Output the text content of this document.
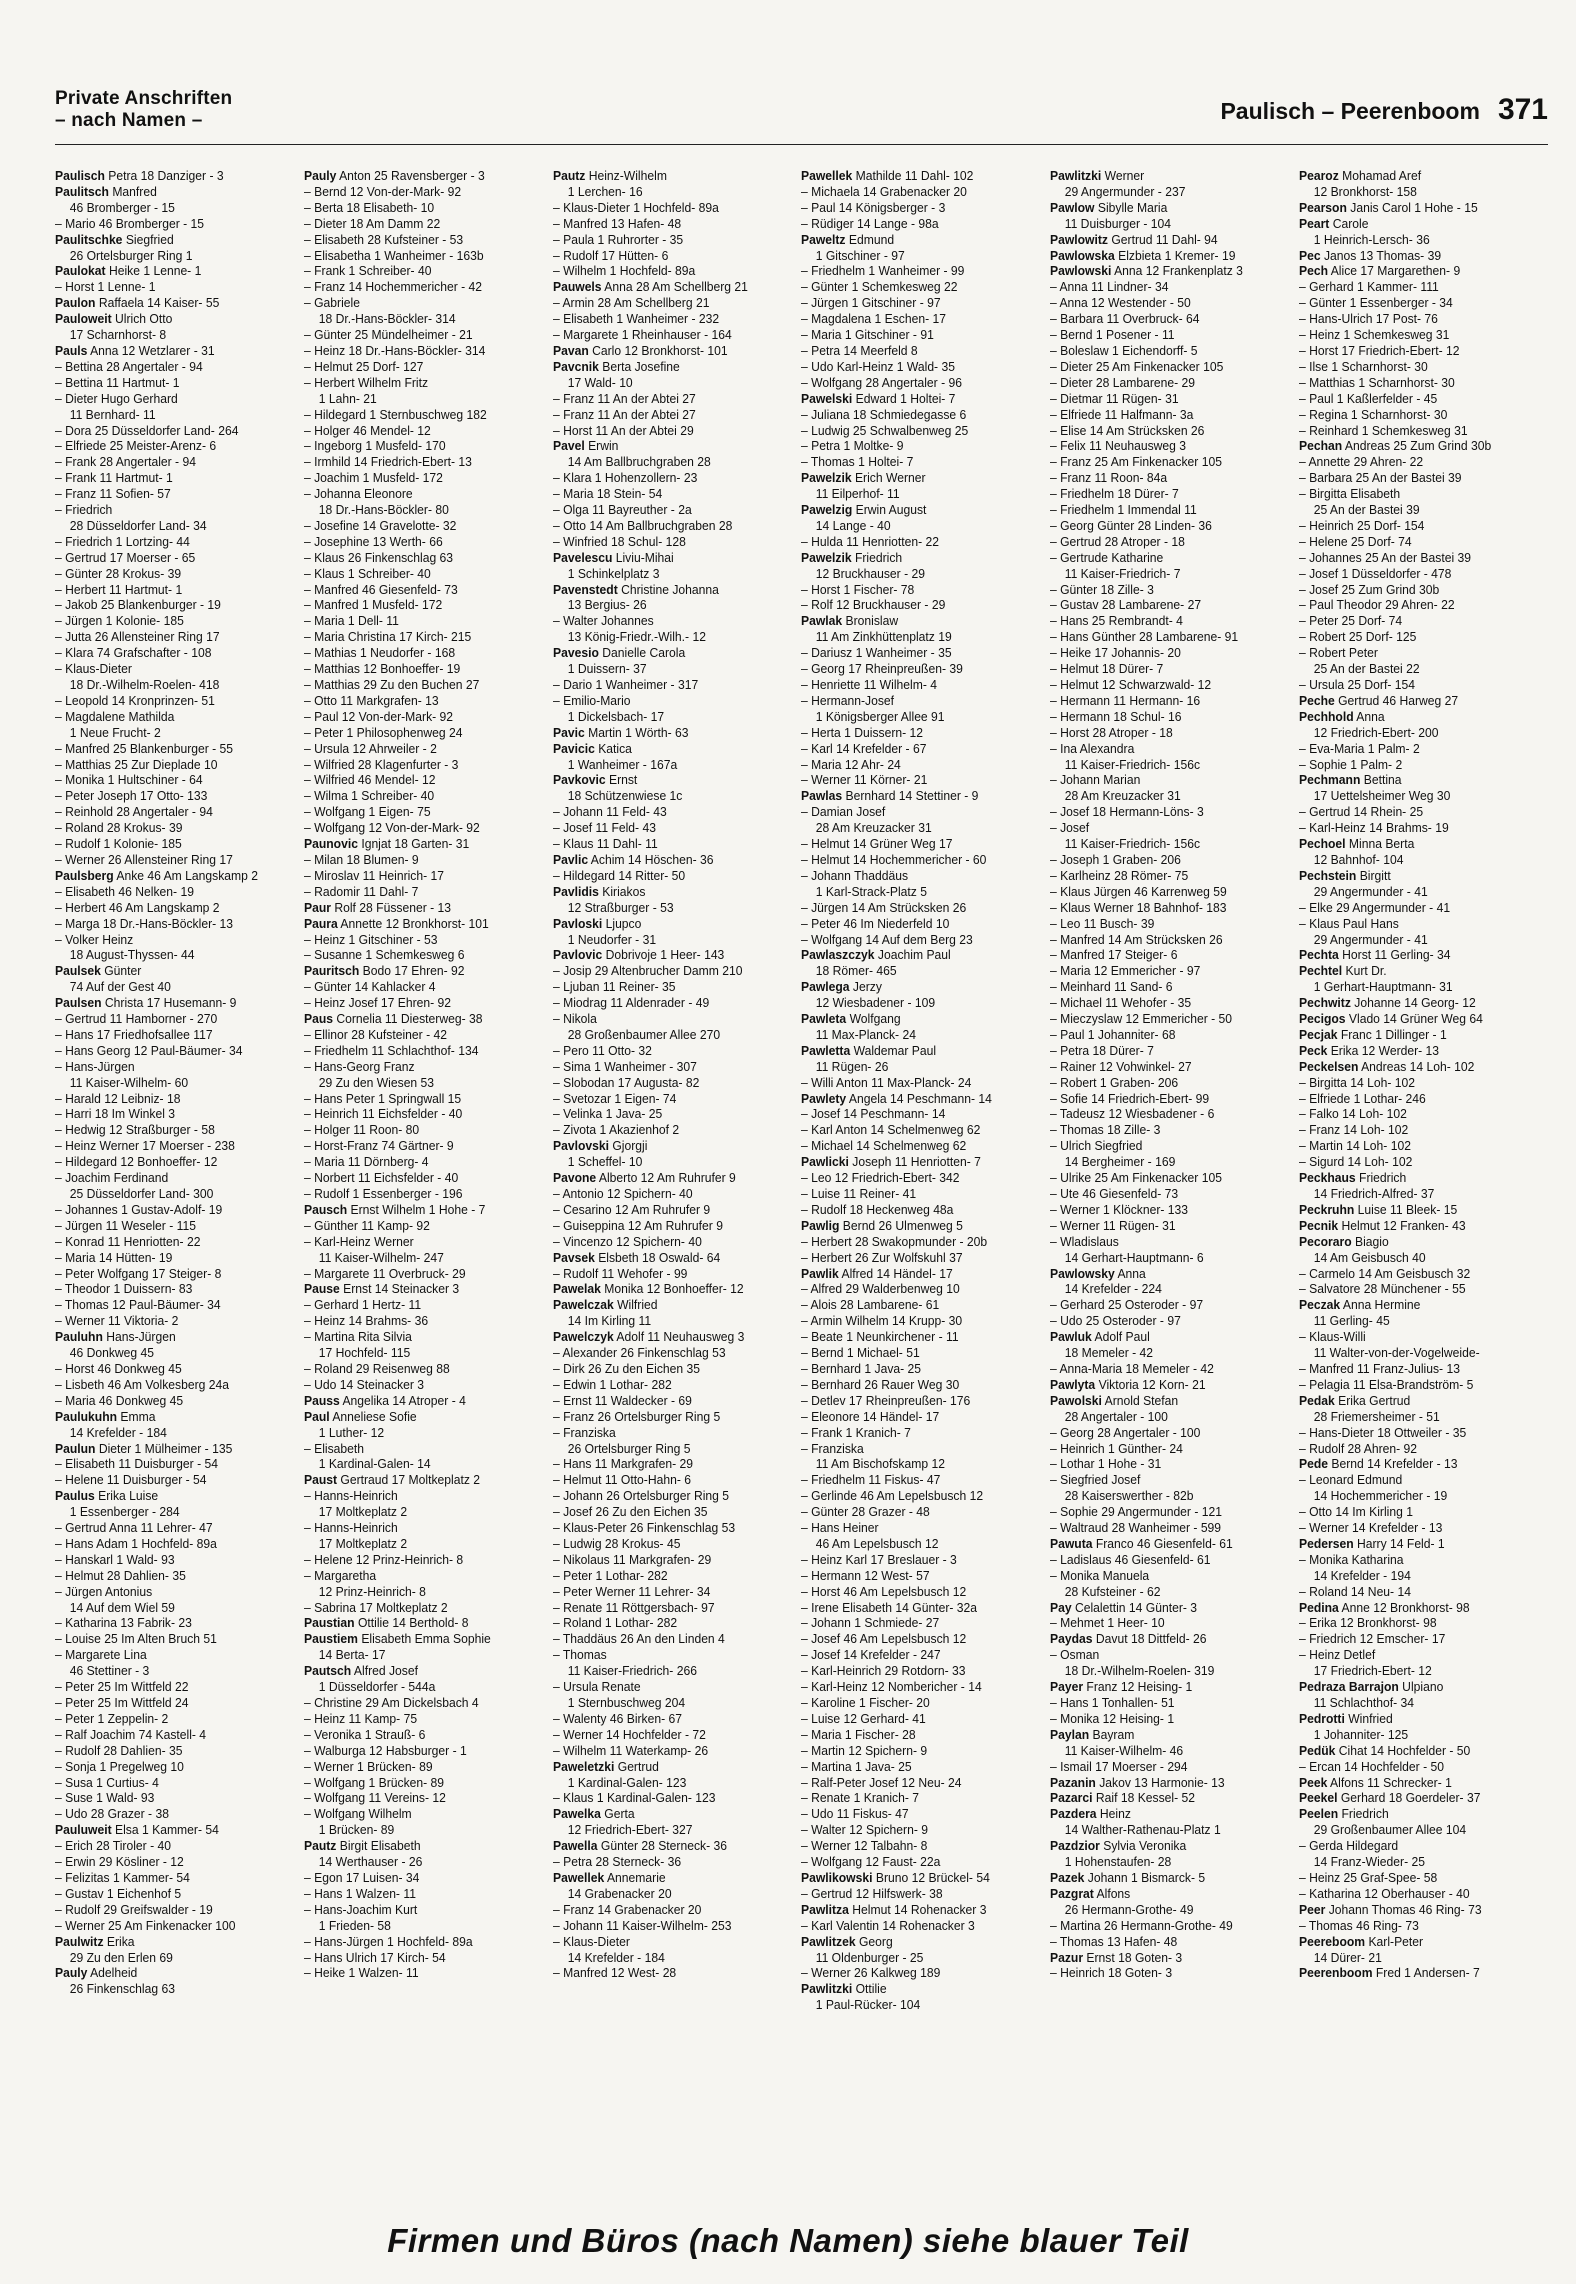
Private Anschriften
– nach Namen –	Paulisch – Peerenboom 371

Paulisch Petra 18 Danziger - 3

Paulitsch Manfred

46 Bromberger - 15

– Mario 46 Bromberger - 15

Paulitschke Siegfried

26 Ortelsburger Ring 1

Paulokat Heike 1 Lenne- 1

– Horst 1 Lenne- 1

Paulon Raffaela 14 Kaiser- 55

Pauloweit Ulrich Otto

17 Scharnhorst- 8

Pauls Anna 12 Wetzlarer - 31

– Bettina 28 Angertaler - 94

– Bettina 11 Hartmut- 1

– Dieter Hugo Gerhard

11 Bernhard- 11

– Dora 25 Düsseldorfer Land- 264

– Elfriede 25 Meister-Arenz- 6

– Frank 28 Angertaler - 94

– Frank 11 Hartmut- 1

– Franz 11 Sofien- 57

– Friedrich

28 Düsseldorfer Land- 34

– Friedrich 1 Lortzing- 44

– Gertrud 17 Moerser - 65

– Günter 28 Krokus- 39

– Herbert 11 Hartmut- 1

– Jakob 25 Blankenburger - 19

– Jürgen 1 Kolonie- 185

– Jutta 26 Allensteiner Ring 17

– Klara 74 Grafschafter - 108

– Klaus-Dieter

18 Dr.-Wilhelm-Roelen- 418

– Leopold 14 Kronprinzen- 51

– Magdalene Mathilda

1 Neue Frucht- 2

– Manfred 25 Blankenburger - 55

– Matthias 25 Zur Dieplade 10

– Monika 1 Hultschiner - 64

– Peter Joseph 17 Otto- 133

– Reinhold 28 Angertaler - 94

– Roland 28 Krokus- 39

– Rudolf 1 Kolonie- 185

– Werner 26 Allensteiner Ring 17

Paulsberg Anke 46 Am Langskamp 2

– Elisabeth 46 Nelken- 19

– Herbert 46 Am Langskamp 2

– Marga 18 Dr.-Hans-Böckler- 13

– Volker Heinz

18 August-Thyssen- 44

Paulsek Günter

74 Auf der Gest 40

Paulsen Christa 17 Husemann- 9

– Gertrud 11 Hamborner - 270

– Hans 17 Friedhofsallee 117

– Hans Georg 12 Paul-Bäumer- 34

– Hans-Jürgen

11 Kaiser-Wilhelm- 60

– Harald 12 Leibniz- 18

– Harri 18 Im Winkel 3

– Hedwig 12 Straßburger - 58

– Heinz Werner 17 Moerser - 238

– Hildegard 12 Bonhoeffer- 12

– Joachim Ferdinand

25 Düsseldorfer Land- 300

– Johannes 1 Gustav-Adolf- 19

– Jürgen 11 Weseler - 115

– Konrad 11 Henriotten- 22

– Maria 14 Hütten- 19

– Peter Wolfgang 17 Steiger- 8

– Theodor 1 Duissern- 83

– Thomas 12 Paul-Bäumer- 34

– Werner 11 Viktoria- 2

Pauluhn Hans-Jürgen

46 Donkweg 45

– Horst 46 Donkweg 45

– Lisbeth 46 Am Volkesberg 24a

– Maria 46 Donkweg 45

Paulukuhn Emma

14 Krefelder - 184

Paulun Dieter 1 Mülheimer - 135

– Elisabeth 11 Duisburger - 54

– Helene 11 Duisburger - 54

Paulus Erika Luise

1 Essenberger - 284

– Gertrud Anna 11 Lehrer- 47

– Hans Adam 1 Hochfeld- 89a

– Hanskarl 1 Wald- 93

– Helmut 28 Dahlien- 35

– Jürgen Antonius

14 Auf dem Wiel 59

– Katharina 13 Fabrik- 23

– Louise 25 Im Alten Bruch 51

– Margarete Lina

46 Stettiner - 3

– Peter 25 Im Wittfeld 22

– Peter 25 Im Wittfeld 24

– Peter 1 Zeppelin- 2

– Ralf Joachim 74 Kastell- 4

– Rudolf 28 Dahlien- 35

– Sonja 1 Pregelweg 10

– Susa 1 Curtius- 4

– Suse 1 Wald- 93

– Udo 28 Grazer - 38

Pauluweit Elsa 1 Kammer- 54

– Erich 28 Tiroler - 40

– Erwin 29 Kösliner - 12

– Felizitas 1 Kammer- 54

– Gustav 1 Eichenhof 5

– Rudolf 29 Greifswalder - 19

– Werner 25 Am Finkenacker 100

Paulwitz Erika

29 Zu den Erlen 69

Pauly Adelheid

26 Finkenschlag 63

Pauly Anton 25 Ravensberger - 3

– Bernd 12 Von-der-Mark- 92

– Berta 18 Elisabeth- 10

– Dieter 18 Am Damm 22

– Elisabeth 28 Kufsteiner - 53

– Elisabetha 1 Wanheimer - 163b

– Frank 1 Schreiber- 40

– Franz 14 Hochemmericher - 42

– Gabriele

18 Dr.-Hans-Böckler- 314

– Günter 25 Mündelheimer - 21

– Heinz 18 Dr.-Hans-Böckler- 314

– Helmut 25 Dorf- 127

– Herbert Wilhelm Fritz

1 Lahn- 21

– Hildegard 1 Sternbuschweg 182

– Holger 46 Mendel- 12

– Ingeborg 1 Musfeld- 170

– Irmhild 14 Friedrich-Ebert- 13

– Joachim 1 Musfeld- 172

– Johanna Eleonore

18 Dr.-Hans-Böckler- 80

– Josefine 14 Gravelotte- 32

– Josephine 13 Werth- 66

– Klaus 26 Finkenschlag 63

– Klaus 1 Schreiber- 40

– Manfred 46 Giesenfeld- 73

– Manfred 1 Musfeld- 172

– Maria 1 Dell- 11

– Maria Christina 17 Kirch- 215

– Mathias 1 Neudorfer - 168

– Matthias 12 Bonhoeffer- 19

– Matthias 29 Zu den Buchen 27

– Otto 11 Markgrafen- 13

– Paul 12 Von-der-Mark- 92

– Peter 1 Philosophenweg 24

– Ursula 12 Ahrweiler - 2

– Wilfried 28 Klagenfurter - 3

– Wilfried 46 Mendel- 12

– Wilma 1 Schreiber- 40

– Wolfgang 1 Eigen- 75

– Wolfgang 12 Von-der-Mark- 92

Paunovic Ignjat 18 Garten- 31

– Milan 18 Blumen- 9

– Miroslav 11 Heinrich- 17

– Radomir 11 Dahl- 7

Paur Rolf 28 Füssener - 13

Paura Annette 12 Bronkhorst- 101

– Heinz 1 Gitschiner - 53

– Susanne 1 Schemkesweg 6

Pauritsch Bodo 17 Ehren- 92

– Günter 14 Kahlacker 4

– Heinz Josef 17 Ehren- 92

Paus Cornelia 11 Diesterweg- 38

– Ellinor 28 Kufsteiner - 42

– Friedhelm 11 Schlachthof- 134

– Hans-Georg Franz

29 Zu den Wiesen 53

– Hans Peter 1 Springwall 15

– Heinrich 11 Eichsfelder - 40

– Holger 11 Roon- 80

– Horst-Franz 74 Gärtner- 9

– Maria 11 Dörnberg- 4

– Norbert 11 Eichsfelder - 40

– Rudolf 1 Essenberger - 196

Pausch Ernst Wilhelm 1 Hohe - 7

– Günther 11 Kamp- 92

– Karl-Heinz Werner

11 Kaiser-Wilhelm- 247

– Margarete 11 Overbruck- 29

Pause Ernst 14 Steinacker 3

– Gerhard 1 Hertz- 11

– Heinz 14 Brahms- 36

– Martina Rita Silvia

17 Hochfeld- 115

– Roland 29 Reisenweg 88

– Udo 14 Steinacker 3

Pauss Angelika 14 Atroper - 4

Paul Anneliese Sofie

1 Luther- 12

– Elisabeth

1 Kardinal-Galen- 14

Paust Gertraud 17 Moltkeplatz 2

– Hanns-Heinrich

17 Moltkeplatz 2

– Hanns-Heinrich

17 Moltkeplatz 2

– Helene 12 Prinz-Heinrich- 8

– Margaretha

12 Prinz-Heinrich- 8

– Sabrina 17 Moltkeplatz 2

Paustian Ottilie 14 Berthold- 8

Paustiem Elisabeth Emma Sophie

14 Berta- 17

Pautsch Alfred Josef

1 Düsseldorfer - 544a

– Christine 29 Am Dickelsbach 4

– Heinz 11 Kamp- 75

– Veronika 1 Strauß- 6

– Walburga 12 Habsburger - 1

– Werner 1 Brücken- 89

– Wolfgang 1 Brücken- 89

– Wolfgang 11 Vereins- 12

– Wolfgang Wilhelm

1 Brücken- 89

Pautz Birgit Elisabeth

14 Werthauser - 26

– Egon 17 Luisen- 34

– Hans 1 Walzen- 11

– Hans-Joachim Kurt

1 Frieden- 58

– Hans-Jürgen 1 Hochfeld- 89a

– Hans Ulrich 17 Kirch- 54

– Heike 1 Walzen- 11

Pautz Heinz-Wilhelm

1 Lerchen- 16

– Klaus-Dieter 1 Hochfeld- 89a

– Manfred 13 Hafen- 48

– Paula 1 Ruhrorter - 35

– Rudolf 17 Hütten- 6

– Wilhelm 1 Hochfeld- 89a

Pauwels Anna 28 Am Schellberg 21

– Armin 28 Am Schellberg 21

– Elisabeth 1 Wanheimer - 232

– Margarete 1 Rheinhauser - 164

Pavan Carlo 12 Bronkhorst- 101

Pavcnik Berta Josefine

17 Wald- 10

– Franz 11 An der Abtei 27

– Franz 11 An der Abtei 27

– Horst 11 An der Abtei 29

Pavel Erwin

14 Am Ballbruchgraben 28

– Klara 1 Hohenzollern- 23

– Maria 18 Stein- 54

– Olga 11 Bayreuther - 2a

– Otto 14 Am Ballbruchgraben 28

– Winfried 18 Schul- 128

Pavelescu Liviu-Mihai

1 Schinkelplatz 3

Pavenstedt Christine Johanna

13 Bergius- 26

– Walter Johannes

13 König-Friedr.-Wilh.- 12

Pavesio Danielle Carola

1 Duissern- 37

– Dario 1 Wanheimer - 317

– Emilio-Mario

1 Dickelsbach- 17

Pavic Martin 1 Wörth- 63

Pavicic Katica

1 Wanheimer - 167a

Pavkovic Ernst

18 Schützenwiese 1c

– Johann 11 Feld- 43

– Josef 11 Feld- 43

– Klaus 11 Dahl- 11

Pavlic Achim 14 Höschen- 36

– Hildegard 14 Ritter- 50

Pavlidis Kiriakos

12 Straßburger - 53

Pavloski Ljupco

1 Neudorfer - 31

Pavlovic Dobrivoje 1 Heer- 143

– Josip 29 Altenbrucher Damm 210

– Ljuban 11 Reiner- 35

– Miodrag 11 Aldenrader - 49

– Nikola

28 Großenbaumer Allee 270

– Pero 11 Otto- 32

– Sima 1 Wanheimer - 307

– Slobodan 17 Augusta- 82

– Svetozar 1 Eigen- 74

– Velinka 1 Java- 25

– Zivota 1 Akazienhof 2

Pavlovski Gjorgji

1 Scheffel- 10

Pavone Alberto 12 Am Ruhrufer 9

– Antonio 12 Spichern- 40

– Cesarino 12 Am Ruhrufer 9

– Guiseppina 12 Am Ruhrufer 9

– Vincenzo 12 Spichern- 40

Pavsek Elsbeth 18 Oswald- 64

– Rudolf 11 Wehofer - 99

Pawelak Monika 12 Bonhoeffer- 12

Pawelczak Wilfried

14 Im Kirling 11

Pawelczyk Adolf 11 Neuhausweg 3

– Alexander 26 Finkenschlag 53

– Dirk 26 Zu den Eichen 35

– Edwin 1 Lothar- 282

– Ernst 11 Waldecker - 69

– Franz 26 Ortelsburger Ring 5

– Franziska

26 Ortelsburger Ring 5

– Hans 11 Markgrafen- 29

– Helmut 11 Otto-Hahn- 6

– Johann 26 Ortelsburger Ring 5

– Josef 26 Zu den Eichen 35

– Klaus-Peter 26 Finkenschlag 53

– Ludwig 28 Krokus- 45

– Nikolaus 11 Markgrafen- 29

– Peter 1 Lothar- 282

– Peter Werner 11 Lehrer- 34

– Renate 11 Röttgersbach- 97

– Roland 1 Lothar- 282

– Thaddäus 26 An den Linden 4

– Thomas

11 Kaiser-Friedrich- 266

– Ursula Renate

1 Sternbuschweg 204

– Walenty 46 Birken- 67

– Werner 14 Hochfelder - 72

– Wilhelm 11 Waterkamp- 26

Paweletzki Gertrud

1 Kardinal-Galen- 123

– Klaus 1 Kardinal-Galen- 123

Pawelka Gerta

12 Friedrich-Ebert- 327

Pawella Günter 28 Sterneck- 36

– Petra 28 Sterneck- 36

Pawellek Annemarie

14 Grabenacker 20

– Franz 14 Grabenacker 20

– Johann 11 Kaiser-Wilhelm- 253

– Klaus-Dieter

14 Krefelder - 184

– Manfred 12 West- 28

Pawellek Mathilde 11 Dahl- 102

– Michaela 14 Grabenacker 20

– Paul 14 Königsberger - 3

– Rüdiger 14 Lange - 98a

Paweltz Edmund

1 Gitschiner - 97

– Friedhelm 1 Wanheimer - 99

– Günter 1 Schemkesweg 22

– Jürgen 1 Gitschiner - 97

– Magdalena 1 Eschen- 17

– Maria 1 Gitschiner - 91

– Petra 14 Meerfeld 8

– Udo Karl-Heinz 1 Wald- 35

– Wolfgang 28 Angertaler - 96

Pawelski Edward 1 Holtei- 7

– Juliana 18 Schmiedegasse 6

– Ludwig 25 Schwalbenweg 25

– Petra 1 Moltke- 9

– Thomas 1 Holtei- 7

Pawelzik Erich Werner

11 Eilperhof- 11

Pawelzig Erwin August

14 Lange - 40

– Hulda 11 Henriotten- 22

Pawelzik Friedrich

12 Bruckhauser - 29

– Horst 1 Fischer- 78

– Rolf 12 Bruckhauser - 29

Pawlak Bronislaw

11 Am Zinkhüttenplatz 19

– Dariusz 1 Wanheimer - 35

– Georg 17 Rheinpreußen- 39

– Henriette 11 Wilhelm- 4

– Hermann-Josef

1 Königsberger Allee 91

– Herta 1 Duissern- 12

– Karl 14 Krefelder - 67

– Maria 12 Ahr- 24

– Werner 11 Körner- 21

Pawlas Bernhard 14 Stettiner - 9

– Damian Josef

28 Am Kreuzacker 31

– Helmut 14 Grüner Weg 17

– Helmut 14 Hochemmericher - 60

– Johann Thaddäus

1 Karl-Strack-Platz 5

– Jürgen 14 Am Strücksken 26

– Peter 46 Im Niederfeld 10

– Wolfgang 14 Auf dem Berg 23

Pawlaszczyk Joachim Paul

18 Römer- 465

Pawlega Jerzy

12 Wiesbadener - 109

Pawleta Wolfgang

11 Max-Planck- 24

Pawletta Waldemar Paul

11 Rügen- 26

– Willi Anton 11 Max-Planck- 24

Pawlety Angela 14 Peschmann- 14

– Josef 14 Peschmann- 14

– Karl Anton 14 Schelmenweg 62

– Michael 14 Schelmenweg 62

Pawlicki Joseph 11 Henriotten- 7

– Leo 12 Friedrich-Ebert- 342

– Luise 11 Reiner- 41

– Rudolf 18 Heckenweg 48a

Pawlig Bernd 26 Ulmenweg 5

– Herbert 28 Swakopmunder - 20b

– Herbert 26 Zur Wolfskuhl 37

Pawlik Alfred 14 Händel- 17

– Alfred 29 Walderbenweg 10

– Alois 28 Lambarene- 61

– Armin Wilhelm 14 Krupp- 30

– Beate 1 Neunkirchener - 11

– Bernd 1 Michael- 51

– Bernhard 1 Java- 25

– Bernhard 26 Rauer Weg 30

– Detlev 17 Rheinpreußen- 176

– Eleonore 14 Händel- 17

– Frank 1 Kranich- 7

– Franziska

11 Am Bischofskamp 12

– Friedhelm 11 Fiskus- 47

– Gerlinde 46 Am Lepelsbusch 12

– Günter 28 Grazer - 48

– Hans Heiner

46 Am Lepelsbusch 12

– Heinz Karl 17 Breslauer - 3

– Hermann 12 West- 57

– Horst 46 Am Lepelsbusch 12

– Irene Elisabeth 14 Günter- 32a

– Johann 1 Schmiede- 27

– Josef 46 Am Lepelsbusch 12

– Josef 14 Krefelder - 247

– Karl-Heinrich 29 Rotdorn- 33

– Karl-Heinz 12 Nombericher - 14

– Karoline 1 Fischer- 20

– Luise 12 Gerhard- 41

– Maria 1 Fischer- 28

– Martin 12 Spichern- 9

– Martina 1 Java- 25

– Ralf-Peter Josef 12 Neu- 24

– Renate 1 Kranich- 7

– Udo 11 Fiskus- 47

– Walter 12 Spichern- 9

– Werner 12 Talbahn- 8

– Wolfgang 12 Faust- 22a

Pawlikowski Bruno 12 Brückel- 54

– Gertrud 12 Hilfswerk- 38

Pawlitza Helmut 14 Rohenacker 3

– Karl Valentin 14 Rohenacker 3

Pawlitzek Georg

11 Oldenburger - 25

– Werner 26 Kalkweg 189

Pawlitzki Ottilie

1 Paul-Rücker- 104

Pawlitzki Werner

29 Angermunder - 237

Pawlow Sibylle Maria

11 Duisburger - 104

Pawlowitz Gertrud 11 Dahl- 94

Pawlowska Elzbieta 1 Kremer- 19

Pawlowski Anna 12 Frankenplatz 3

– Anna 11 Lindner- 34

– Anna 12 Westender - 50

– Barbara 11 Overbruck- 64

– Bernd 1 Posener - 11

– Boleslaw 1 Eichendorff- 5

– Dieter 25 Am Finkenacker 105

– Dieter 28 Lambarene- 29

– Dietmar 11 Rügen- 31

– Elfriede 11 Halfmann- 3a

– Elise 14 Am Strücksken 26

– Felix 11 Neuhausweg 3

– Franz 25 Am Finkenacker 105

– Franz 11 Roon- 84a

– Friedhelm 18 Dürer- 7

– Friedhelm 1 Immendal 11

– Georg Günter 28 Linden- 36

– Gertrud 28 Atroper - 18

– Gertrude Katharine

11 Kaiser-Friedrich- 7

– Günter 18 Zille- 3

– Gustav 28 Lambarene- 27

– Hans 25 Rembrandt- 4

– Hans Günther 28 Lambarene- 91

– Heike 17 Johannis- 20

– Helmut 18 Dürer- 7

– Helmut 12 Schwarzwald- 12

– Hermann 11 Hermann- 16

– Hermann 18 Schul- 16

– Horst 28 Atroper - 18

– Ina Alexandra

11 Kaiser-Friedrich- 156c

– Johann Marian

28 Am Kreuzacker 31

– Josef 18 Hermann-Löns- 3

– Josef

11 Kaiser-Friedrich- 156c

– Joseph 1 Graben- 206

– Karlheinz 28 Römer- 75

– Klaus Jürgen 46 Karrenweg 59

– Klaus Werner 18 Bahnhof- 183

– Leo 11 Busch- 39

– Manfred 14 Am Strücksken 26

– Manfred 17 Steiger- 6

– Maria 12 Emmericher - 97

– Meinhard 11 Sand- 6

– Michael 11 Wehofer - 35

– Mieczyslaw 12 Emmericher - 50

– Paul 1 Johanniter- 68

– Petra 18 Dürer- 7

– Rainer 12 Vohwinkel- 27

– Robert 1 Graben- 206

– Sofie 14 Friedrich-Ebert- 99

– Tadeusz 12 Wiesbadener - 6

– Thomas 18 Zille- 3

– Ulrich Siegfried

14 Bergheimer - 169

– Ulrike 25 Am Finkenacker 105

– Ute 46 Giesenfeld- 73

– Werner 1 Klöckner- 133

– Werner 11 Rügen- 31

– Wladislaus

14 Gerhart-Hauptmann- 6

Pawlowsky Anna

14 Krefelder - 224

– Gerhard 25 Osteroder - 97

– Udo 25 Osteroder - 97

Pawluk Adolf Paul

18 Memeler - 42

– Anna-Maria 18 Memeler - 42

Pawlyta Viktoria 12 Korn- 21

Pawolski Arnold Stefan

28 Angertaler - 100

– Georg 28 Angertaler - 100

– Heinrich 1 Günther- 24

– Lothar 1 Hohe - 31

– Siegfried Josef

28 Kaiserswerther - 82b

– Sophie 29 Angermunder - 121

– Waltraud 28 Wanheimer - 599

Pawuta Franco 46 Giesenfeld- 61

– Ladislaus 46 Giesenfeld- 61

– Monika Manuela

28 Kufsteiner - 62

Pay Celalettin 14 Günter- 3

– Mehmet 1 Heer- 10

Paydas Davut 18 Dittfeld- 26

– Osman

18 Dr.-Wilhelm-Roelen- 319

Payer Franz 12 Heising- 1

– Hans 1 Tonhallen- 51

– Monika 12 Heising- 1

Paylan Bayram

11 Kaiser-Wilhelm- 46

– Ismail 17 Moerser - 294

Pazanin Jakov 13 Harmonie- 13

Pazarci Raif 18 Kessel- 52

Pazdera Heinz

14 Walther-Rathenau-Platz 1

Pazdzior Sylvia Veronika

1 Hohenstaufen- 28

Pazek Johann 1 Bismarck- 5

Pazgrat Alfons

26 Hermann-Grothe- 49

– Martina 26 Hermann-Grothe- 49

– Thomas 13 Hafen- 48

Pazur Ernst 18 Goten- 3

– Heinrich 18 Goten- 3

Pearoz Mohamad Aref

12 Bronkhorst- 158

Pearson Janis Carol 1 Hohe - 15

Peart Carole

1 Heinrich-Lersch- 36

Pec Janos 13 Thomas- 39

Pech Alice 17 Margarethen- 9

– Gerhard 1 Kammer- 111

– Günter 1 Essenberger - 34

– Hans-Ulrich 17 Post- 76

– Heinz 1 Schemkesweg 31

– Horst 17 Friedrich-Ebert- 12

– Ilse 1 Scharnhorst- 30

– Matthias 1 Scharnhorst- 30

– Paul 1 Kaßlerfelder - 45

– Regina 1 Scharnhorst- 30

– Reinhard 1 Schemkesweg 31

Pechan Andreas 25 Zum Grind 30b

– Annette 29 Ahren- 22

– Barbara 25 An der Bastei 39

– Birgitta Elisabeth

25 An der Bastei 39

– Heinrich 25 Dorf- 154

– Helene 25 Dorf- 74

– Johannes 25 An der Bastei 39

– Josef 1 Düsseldorfer - 478

– Josef 25 Zum Grind 30b

– Paul Theodor 29 Ahren- 22

– Peter 25 Dorf- 74

– Robert 25 Dorf- 125

– Robert Peter

25 An der Bastei 22

– Ursula 25 Dorf- 154

Peche Gertrud 46 Harweg 27

Pechhold Anna

12 Friedrich-Ebert- 200

– Eva-Maria 1 Palm- 2

– Sophie 1 Palm- 2

Pechmann Bettina

17 Uettelsheimer Weg 30

– Gertrud 14 Rhein- 25

– Karl-Heinz 14 Brahms- 19

Pechoel Minna Berta

12 Bahnhof- 104

Pechstein Birgitt

29 Angermunder - 41

– Elke 29 Angermunder - 41

– Klaus Paul Hans

29 Angermunder - 41

Pechta Horst 11 Gerling- 34

Pechtel Kurt Dr.

1 Gerhart-Hauptmann- 31

Pechwitz Johanne 14 Georg- 12

Pecigos Vlado 14 Grüner Weg 64

Pecjak Franc 1 Dillinger - 1

Peck Erika 12 Werder- 13

Peckelsen Andreas 14 Loh- 102

– Birgitta 14 Loh- 102

– Elfriede 1 Lothar- 246

– Falko 14 Loh- 102

– Franz 14 Loh- 102

– Martin 14 Loh- 102

– Sigurd 14 Loh- 102

Peckhaus Friedrich

14 Friedrich-Alfred- 37

Peckruhn Luise 11 Bleek- 15

Pecnik Helmut 12 Franken- 43

Pecoraro Biagio

14 Am Geisbusch 40

– Carmelo 14 Am Geisbusch 32

– Salvatore 28 Münchener - 55

Peczak Anna Hermine

11 Gerling- 45

– Klaus-Willi

11 Walter-von-der-Vogelweide-

– Manfred 11 Franz-Julius- 13

– Pelagia 11 Elsa-Brandström- 5

Pedak Erika Gertrud

28 Friemersheimer - 51

– Hans-Dieter 18 Ottweiler - 35

– Rudolf 28 Ahren- 92

Pede Bernd 14 Krefelder - 13

– Leonard Edmund

14 Hochemmericher - 19

– Otto 14 Im Kirling 1

– Werner 14 Krefelder - 13

Pedersen Harry 14 Feld- 1

– Monika Katharina

14 Krefelder - 194

– Roland 14 Neu- 14

Pedina Anne 12 Bronkhorst- 98

– Erika 12 Bronkhorst- 98

– Friedrich 12 Emscher- 17

– Heinz Detlef

17 Friedrich-Ebert- 12

Pedraza Barrajon Ulpiano

11 Schlachthof- 34

Pedrotti Winfried

1 Johanniter- 125

Pedük Cihat 14 Hochfelder - 50

– Ercan 14 Hochfelder - 50

Peek Alfons 11 Schrecker- 1

Peekel Gerhard 18 Goerdeler- 37

Peelen Friedrich

29 Großenbaumer Allee 104

– Gerda Hildegard

14 Franz-Wieder- 25

– Heinz 25 Graf-Spee- 58

– Katharina 12 Oberhauser - 40

Peer Johann Thomas 46 Ring- 73

– Thomas 46 Ring- 73

Peereboom Karl-Peter

14 Dürer- 21

Peerenboom Fred 1 Andersen- 7

Firmen und Büros (nach Namen) siehe blauer Teil
